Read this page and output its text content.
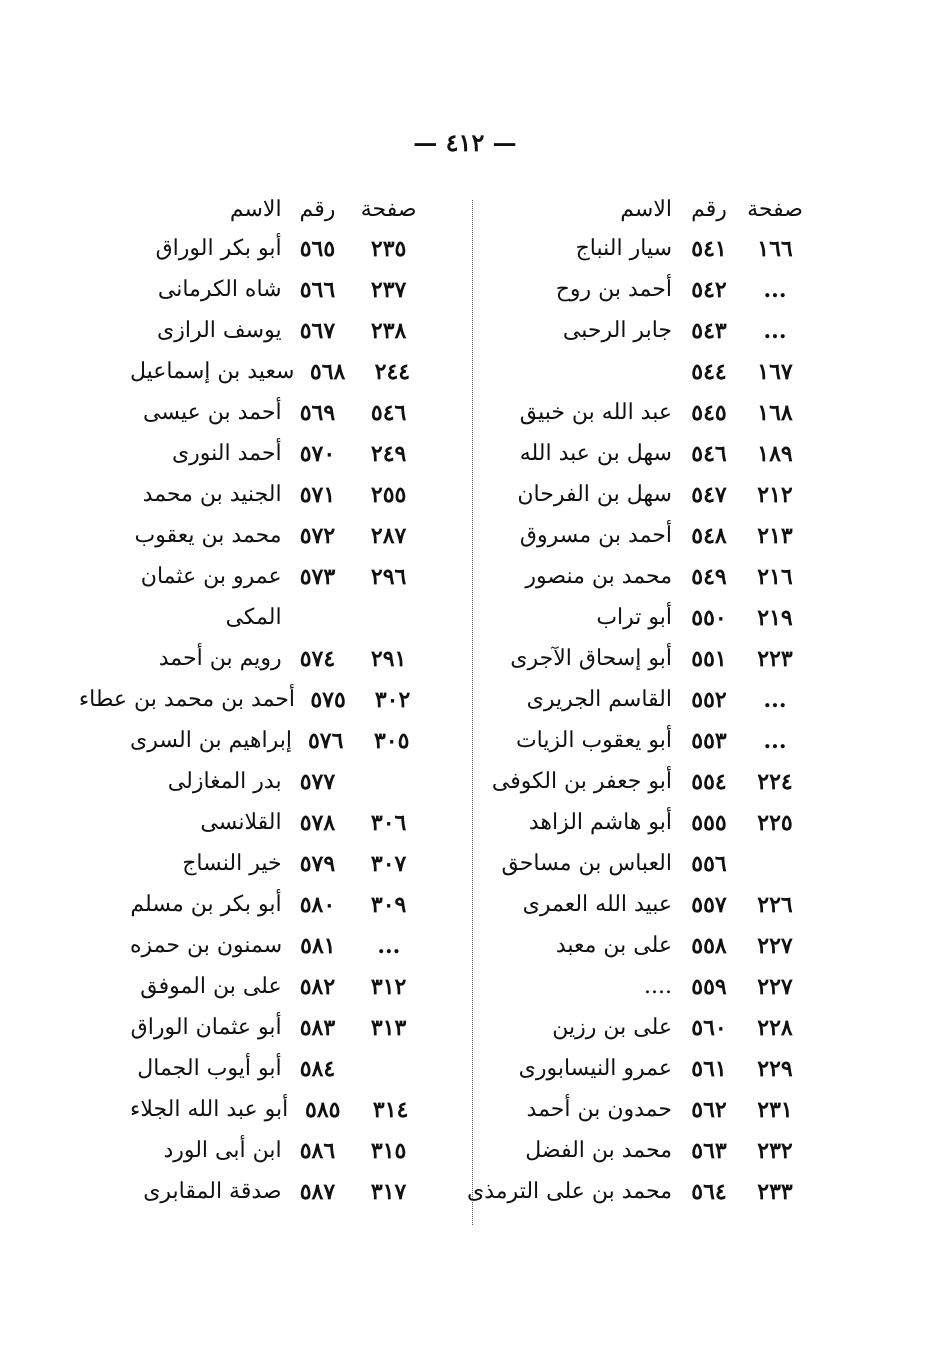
— ٤١٢ —
صفحة
رقم
الاسم
١٦٦
٥٤١
سيار النباج
...
٥٤٢
أحمد بن روح
...
٥٤٣
جابر الرحبى
١٦٧
٥٤٤
١٦٨
٥٤٥
عبد الله بن خبيق
١٨٩
٥٤٦
سهل بن عبد الله
٢١٢
٥٤٧
سهل بن الفرحان
٢١٣
٥٤٨
أحمد بن مسروق
٢١٦
٥٤٩
محمد بن منصور
٢١٩
٥٥٠
أبو تراب
٢٢٣
٥٥١
أبو إسحاق الآجرى
...
٥٥٢
القاسم الجريرى
...
٥٥٣
أبو يعقوب الزيات
٢٢٤
٥٥٤
أبو جعفر بن الكوفى
٢٢٥
٥٥٥
أبو هاشم الزاهد
٥٥٦
العباس بن مساحق
٢٢٦
٥٥٧
عبيد الله العمرى
٢٢٧
٥٥٨
على بن معبد
٢٢٧
٥٥٩
....
٢٢٨
٥٦٠
على بن رزين
٢٢٩
٥٦١
عمرو النيسابورى
٢٣١
٥٦٢
حمدون بن أحمد
٢٣٢
٥٦٣
محمد بن الفضل
٢٣٣
٥٦٤
محمد بن على الترمذى
صفحة
رقم
الاسم
٢٣٥
٥٦٥
أبو بكر الوراق
٢٣٧
٥٦٦
شاه الكرمانى
٢٣٨
٥٦٧
يوسف الرازى
٢٤٤
٥٦٨
سعيد بن إسماعيل
٥٤٦
٥٦٩
أحمد بن عيسى
٢٤٩
٥٧٠
أحمد النورى
٢٥٥
٥٧١
الجنيد بن محمد
٢٨٧
٥٧٢
محمد بن يعقوب
٢٩٦
٥٧٣
عمرو بن عثمان
المكى
٢٩١
٥٧٤
رويم بن أحمد
٣٠٢
٥٧٥
أحمد بن محمد بن عطاء
٣٠٥
٥٧٦
إبراهيم بن السرى
٥٧٧
بدر المغازلى
٣٠٦
٥٧٨
القلانسى
٣٠٧
٥٧٩
خير النساج
٣٠٩
٥٨٠
أبو بكر بن مسلم
...
٥٨١
سمنون بن حمزه
٣١٢
٥٨٢
على بن الموفق
٣١٣
٥٨٣
أبو عثمان الوراق
٥٨٤
أبو أيوب الجمال
٣١٤
٥٨٥
أبو عبد الله الجلاء
٣١٥
٥٨٦
ابن أبى الورد
٣١٧
٥٨٧
صدقة المقابرى
